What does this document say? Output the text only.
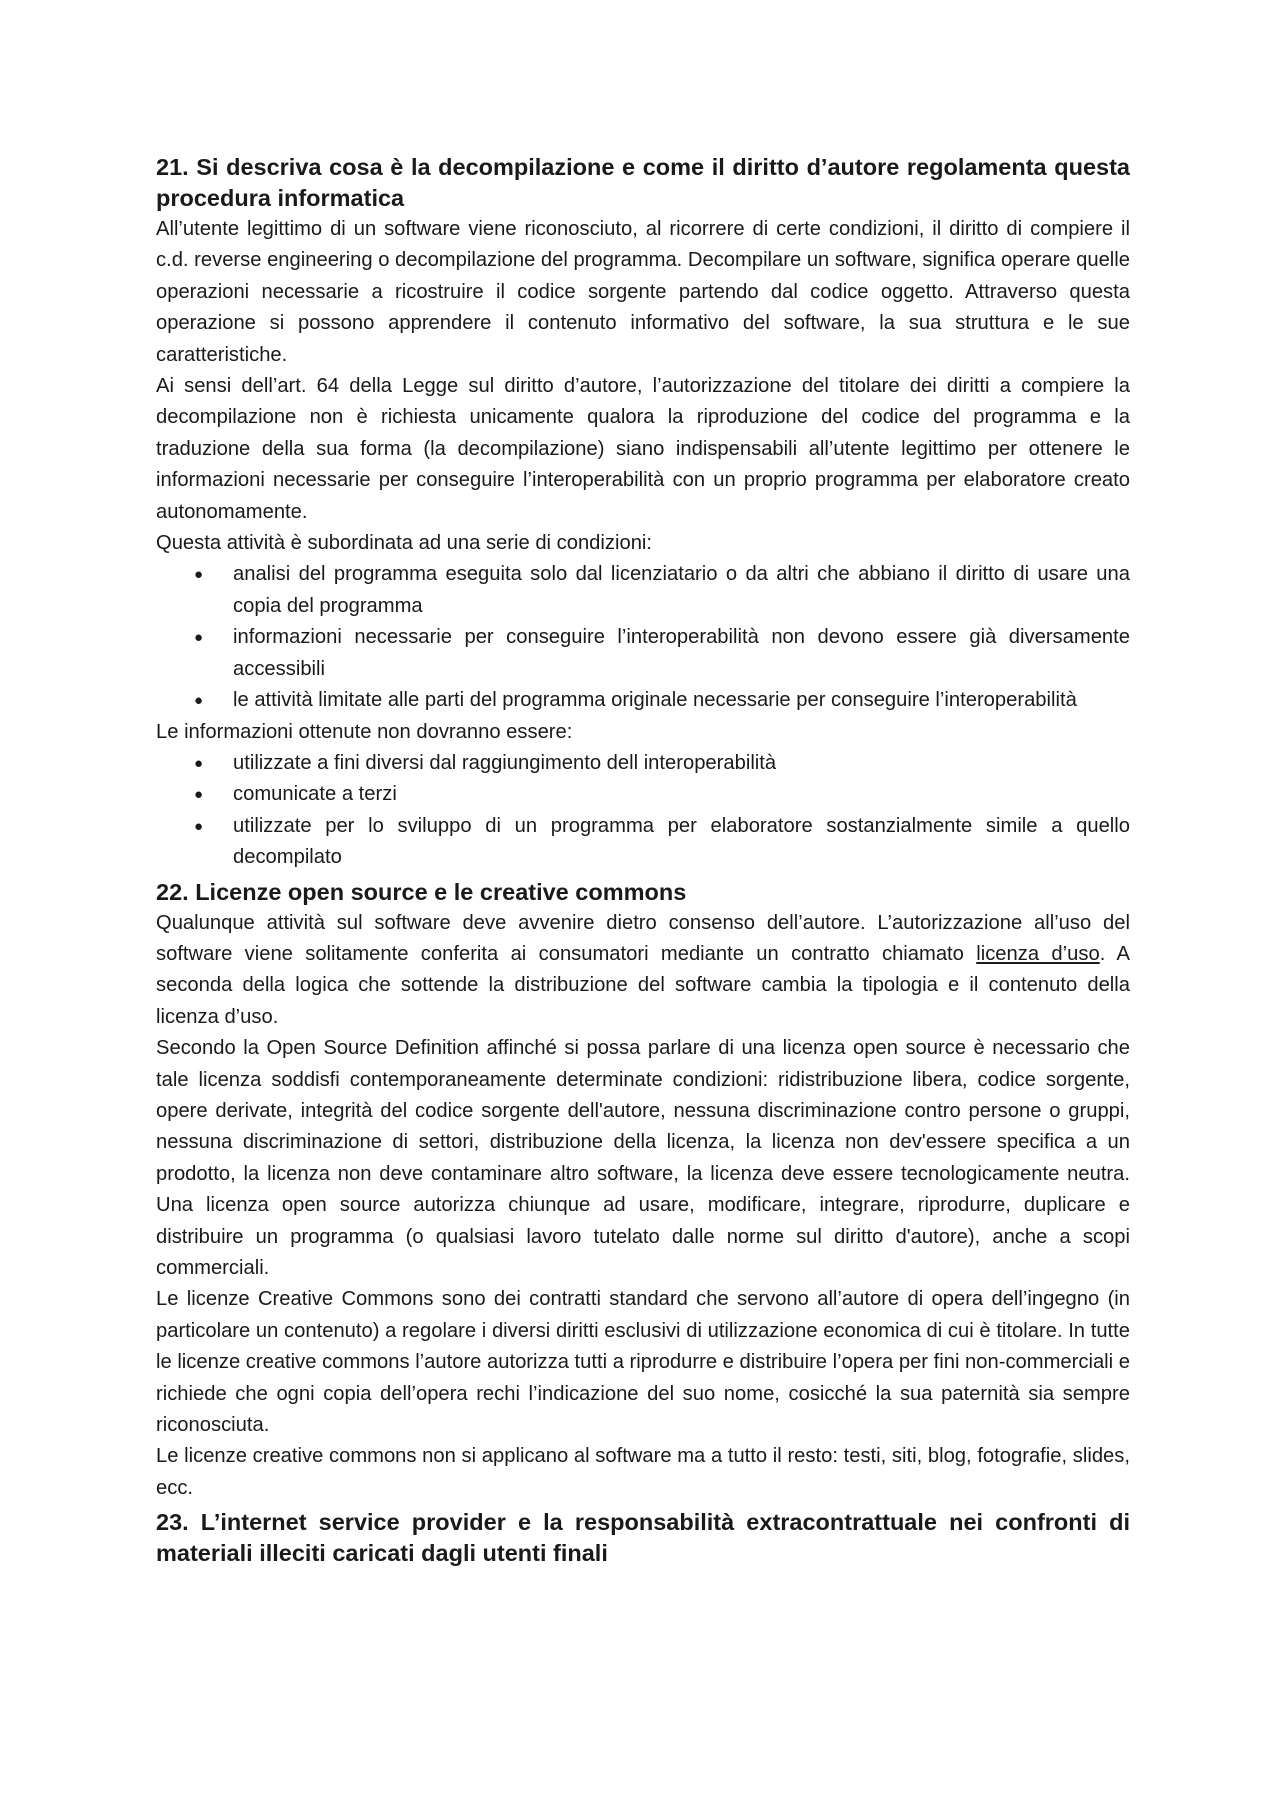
21. Si descriva cosa è la decompilazione e come il diritto d’autore regolamenta questa procedura informatica

All’utente legittimo di un software viene riconosciuto, al ricorrere di certe condizioni, il diritto di compiere il c.d. reverse engineering o decompilazione del programma. Decompilare un software, significa operare quelle operazioni necessarie a ricostruire il codice sorgente partendo dal codice oggetto. Attraverso questa operazione si possono apprendere il contenuto informativo del software, la sua struttura e le sue caratteristiche.

Ai sensi dell’art. 64 della Legge sul diritto d’autore, l’autorizzazione del titolare dei diritti a compiere la decompilazione non è richiesta unicamente qualora la riproduzione del codice del programma e la traduzione della sua forma (la decompilazione) siano indispensabili all’utente legittimo per ottenere le informazioni necessarie per conseguire l’interoperabilità con un proprio programma per elaboratore creato autonomamente.

Questa attività è subordinata ad una serie di condizioni:

● analisi del programma eseguita solo dal licenziatario o da altri che abbiano il diritto di usare una copia del programma
● informazioni necessarie per conseguire l’interoperabilità non devono essere già diversamente accessibili
● le attività limitate alle parti del programma originale necessarie per conseguire l’interoperabilità

Le informazioni ottenute non dovranno essere:

● utilizzate a fini diversi dal raggiungimento dell interoperabilità
● comunicate a terzi
● utilizzate per lo sviluppo di un programma per elaboratore sostanzialmente simile a quello decompilato
22. Licenze open source e le creative commons

Qualunque attività sul software deve avvenire dietro consenso dell’autore. L’autorizzazione all’uso del software viene solitamente conferita ai consumatori mediante un contratto chiamato licenza d’uso. A seconda della logica che sottende la distribuzione del software cambia la tipologia e il contenuto della licenza d’uso.

Secondo la Open Source Definition affinché si possa parlare di una licenza open source è necessario che tale licenza soddisfi contemporaneamente determinate condizioni: ridistribuzione libera, codice sorgente, opere derivate, integrità del codice sorgente dell'autore, nessuna discriminazione contro persone o gruppi, nessuna discriminazione di settori, distribuzione della licenza, la licenza non dev'essere specifica a un prodotto, la licenza non deve contaminare altro software, la licenza deve essere tecnologicamente neutra. Una licenza open source autorizza chiunque ad usare, modificare, integrare, riprodurre, duplicare e distribuire un programma (o qualsiasi lavoro tutelato dalle norme sul diritto d'autore), anche a scopi commerciali.

Le licenze Creative Commons sono dei contratti standard che servono all’autore di opera dell’ingegno (in particolare un contenuto) a regolare i diversi diritti esclusivi di utilizzazione economica di cui è titolare. In tutte le licenze creative commons l’autore autorizza tutti a riprodurre e distribuire l’opera per fini non-commerciali e richiede che ogni copia dell’opera rechi l’indicazione del suo nome, cosicché la sua paternità sia sempre riconosciuta.

Le licenze creative commons non si applicano al software ma a tutto il resto: testi, siti, blog, fotografie, slides, ecc.

23. L’internet service provider e la responsabilità extracontrattuale nei confronti di materiali illeciti caricati dagli utenti finali
